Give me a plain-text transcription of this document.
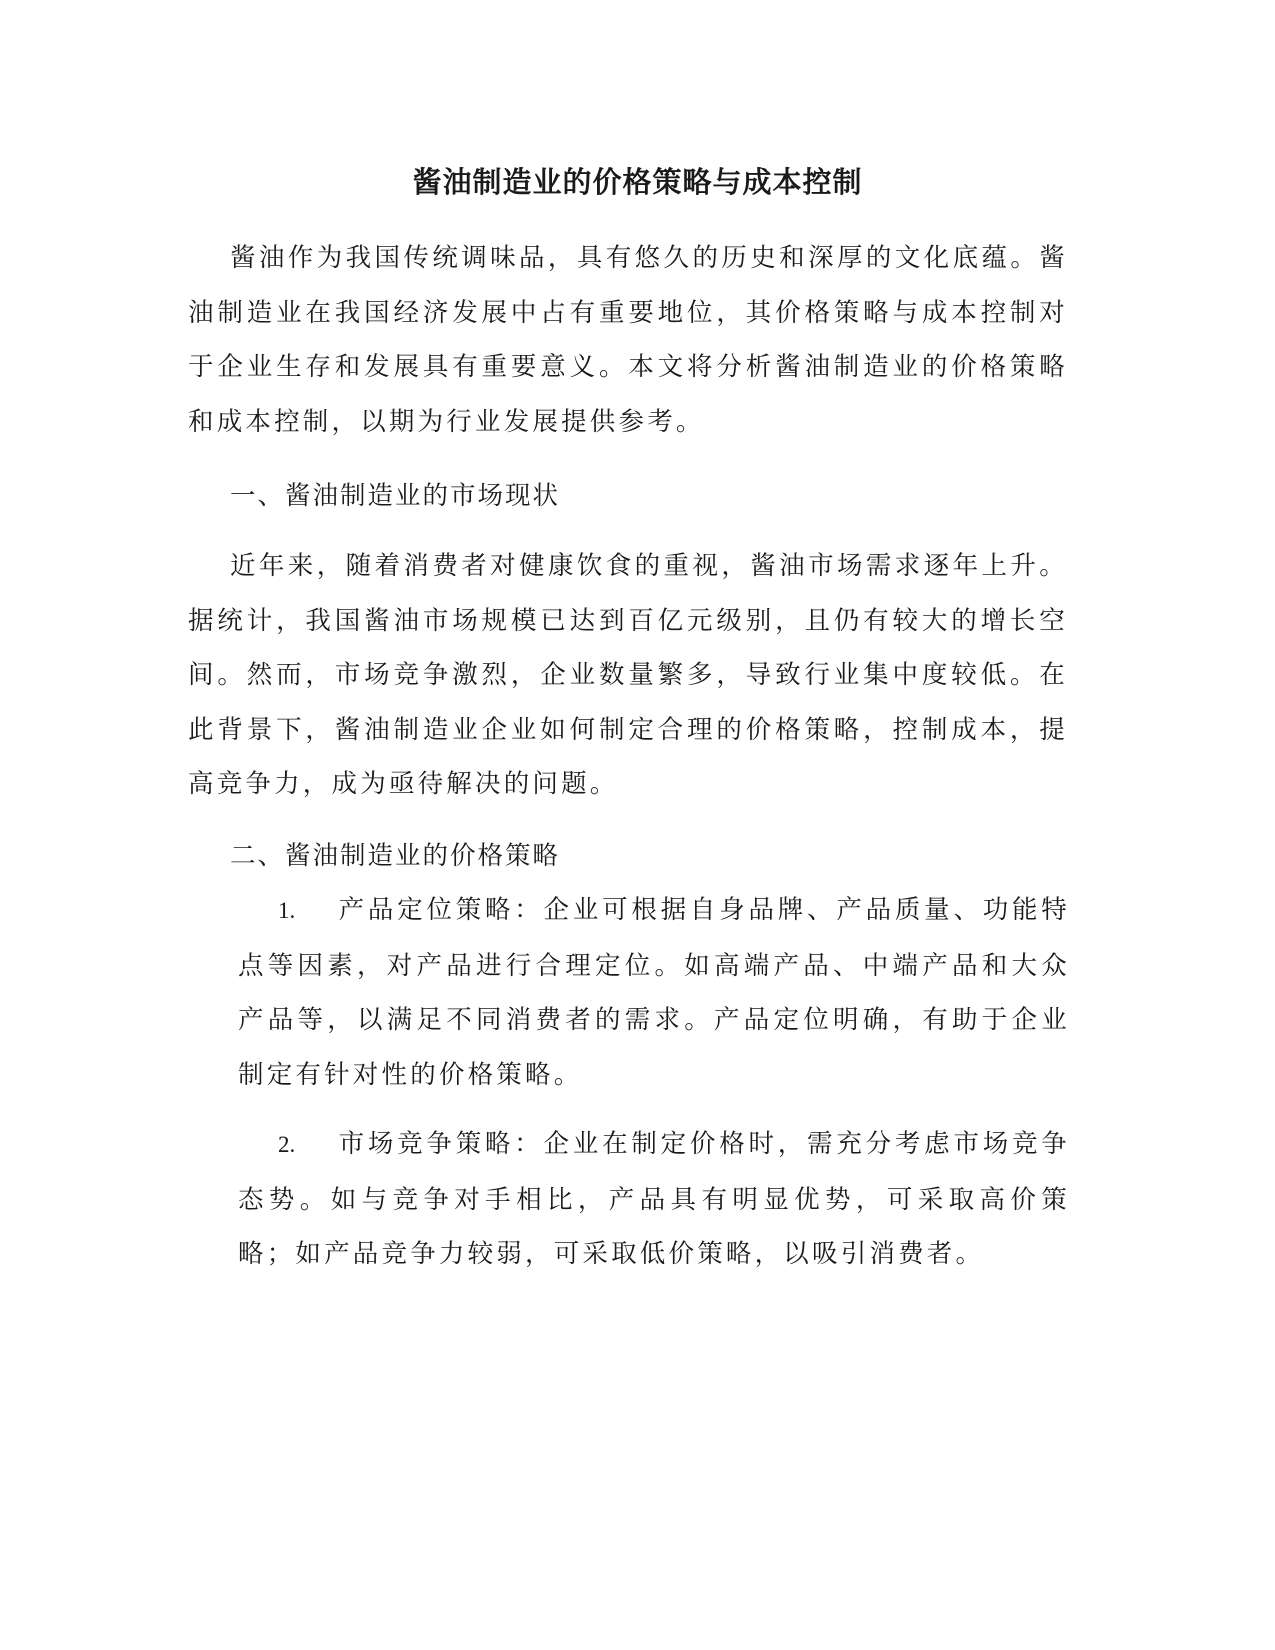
酱油制造业的价格策略与成本控制

酱油作为我国传统调味品，具有悠久的历史和深厚的文化底蕴。酱油制造业在我国经济发展中占有重要地位，其价格策略与成本控制对于企业生存和发展具有重要意义。本文将分析酱油制造业的价格策略和成本控制，以期为行业发展提供参考。

一、酱油制造业的市场现状

近年来，随着消费者对健康饮食的重视，酱油市场需求逐年上升。据统计，我国酱油市场规模已达到百亿元级别，且仍有较大的增长空间。然而，市场竞争激烈，企业数量繁多，导致行业集中度较低。在此背景下，酱油制造业企业如何制定合理的价格策略，控制成本，提高竞争力，成为亟待解决的问题。

二、酱油制造业的价格策略

1. 产品定位策略：企业可根据自身品牌、产品质量、功能特点等因素，对产品进行合理定位。如高端产品、中端产品和大众产品等，以满足不同消费者的需求。产品定位明确，有助于企业制定有针对性的价格策略。

2. 市场竞争策略：企业在制定价格时，需充分考虑市场竞争态势。如与竞争对手相比，产品具有明显优势，可采取高价策略；如产品竞争力较弱，可采取低价策略，以吸引消费者。
